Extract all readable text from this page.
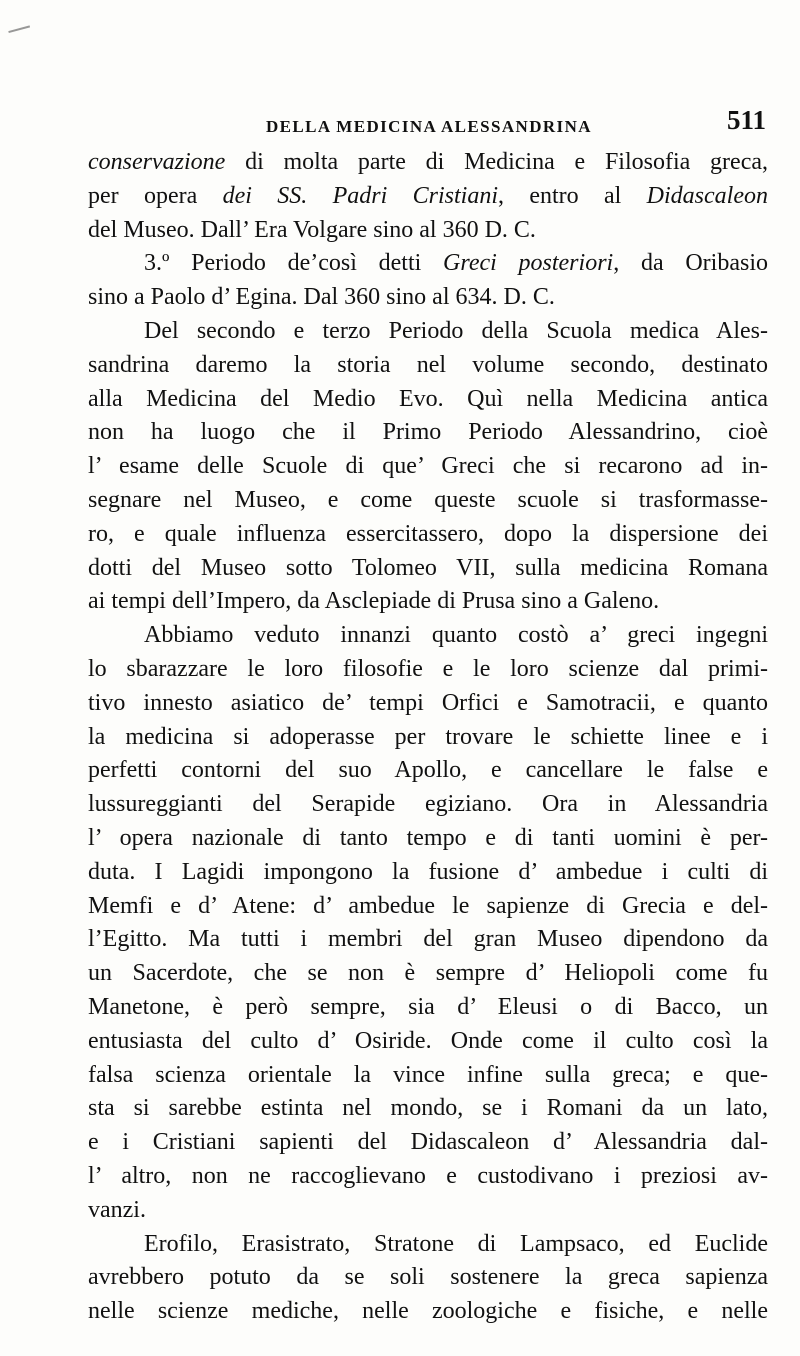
DELLA MEDICINA ALESSANDRINA	511
conservazione di molta parte di Medicina e Filosofia greca,
per opera dei SS. Padri Cristiani, entro al Didascaleon
del Museo. Dall’ Era Volgare sino al 360 D. C.
3.º Periodo de’così detti Greci posteriori, da Oribasio
sino a Paolo d’ Egina. Dal 360 sino al 634. D. C.
Del secondo e terzo Periodo della Scuola medica Ales-
sandrina daremo la storia nel volume secondo, destinato
alla Medicina del Medio Evo. Quì nella Medicina antica
non ha luogo che il Primo Periodo Alessandrino, cioè
l’ esame delle Scuole di que’ Greci che si recarono ad in-
segnare nel Museo, e come queste scuole si trasformasse-
ro, e quale influenza essercitassero, dopo la dispersione dei
dotti del Museo sotto Tolomeo VII, sulla medicina Romana
ai tempi dell’Impero, da Asclepiade di Prusa sino a Galeno.
Abbiamo veduto innanzi quanto costò a’ greci ingegni
lo sbarazzare le loro filosofie e le loro scienze dal primi-
tivo innesto asiatico de’ tempi Orfici e Samotracii, e quanto
la medicina si adoperasse per trovare le schiette linee e i
perfetti contorni del suo Apollo, e cancellare le false e
lussureggianti del Serapide egiziano. Ora in Alessandria
l’ opera nazionale di tanto tempo e di tanti uomini è per-
duta. I Lagidi impongono la fusione d’ ambedue i culti di
Memfi e d’ Atene: d’ ambedue le sapienze di Grecia e del-
l’Egitto. Ma tutti i membri del gran Museo dipendono da
un Sacerdote, che se non è sempre d’ Heliopoli come fu
Manetone, è però sempre, sia d’ Eleusi o di Bacco, un
entusiasta del culto d’ Osiride. Onde come il culto così la
falsa scienza orientale la vince infine sulla greca; e que-
sta si sarebbe estinta nel mondo, se i Romani da un lato,
e i Cristiani sapienti del Didascaleon d’ Alessandria dal-
l’ altro, non ne raccoglievano e custodivano i preziosi av-
vanzi.
Erofilo, Erasistrato, Stratone di Lampsaco, ed Euclide
avrebbero potuto da se soli sostenere la greca sapienza
nelle scienze mediche, nelle zoologiche e fisiche, e nelle
